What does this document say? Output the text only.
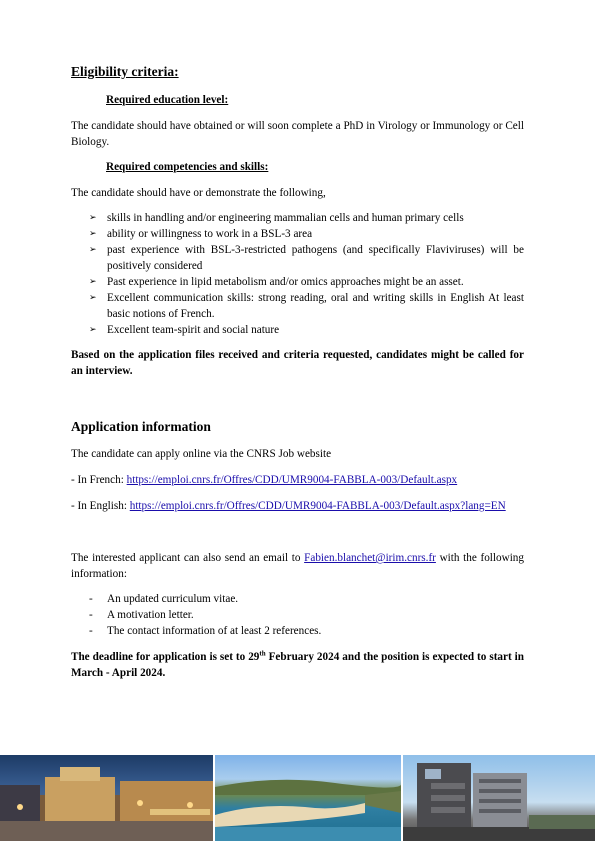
Eligibility criteria:
Required education level:
The candidate should have obtained or will soon complete a PhD in Virology or Immunology or Cell Biology.
Required competencies and skills:
The candidate should have or demonstrate the following,
➢ skills in handling and/or engineering mammalian cells and human primary cells
➢ ability or willingness to work in a BSL-3 area
➢ past experience with BSL-3-restricted pathogens (and specifically Flaviviruses) will be positively considered
➢ Past experience in lipid metabolism and/or omics approaches might be an asset.
➢ Excellent communication skills: strong reading, oral and writing skills in English At least basic notions of French.
➢ Excellent team-spirit and social nature
Based on the application files received and criteria requested, candidates might be called for an interview.
Application information
The candidate can apply online via the CNRS Job website
- In French: https://emploi.cnrs.fr/Offres/CDD/UMR9004-FABBLA-003/Default.aspx
- In English: https://emploi.cnrs.fr/Offres/CDD/UMR9004-FABBLA-003/Default.aspx?lang=EN
The interested applicant can also send an email to Fabien.blanchet@irim.cnrs.fr with the following information:
- An updated curriculum vitae.
- A motivation letter.
- The contact information of at least 2 references.
The deadline for application is set to 29th February 2024 and the position is expected to start in March - April 2024.
